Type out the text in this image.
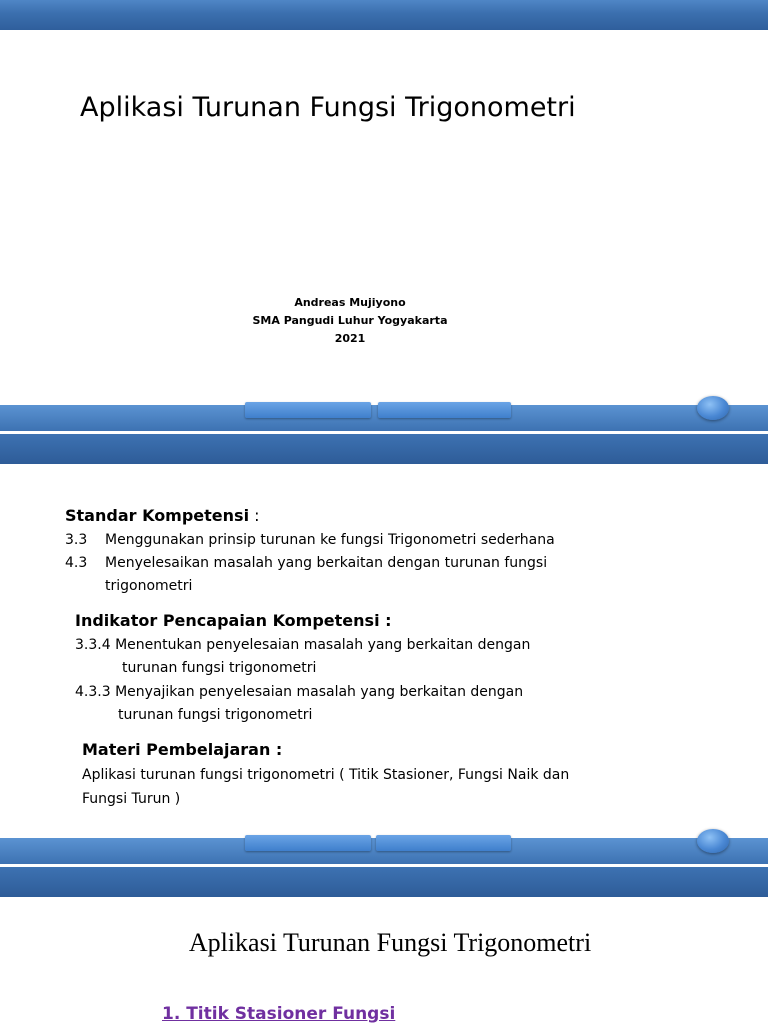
Aplikasi Turunan Fungsi Trigonometri
Andreas Mujiyono
SMA Pangudi Luhur Yogyakarta
2021
Standar Kompetensi :
3.3 Menggunakan prinsip turunan ke fungsi Trigonometri sederhana
4.3 Menyelesaikan masalah yang berkaitan dengan turunan fungsi
trigonometri
Indikator Pencapaian Kompetensi :
3.3.4 Menentukan penyelesaian masalah yang berkaitan dengan
turunan fungsi trigonometri
4.3.3 Menyajikan penyelesaian masalah yang berkaitan dengan
turunan fungsi trigonometri
Materi Pembelajaran :
Aplikasi turunan fungsi trigonometri ( Titik Stasioner, Fungsi Naik dan
Fungsi Turun )
Aplikasi Turunan Fungsi Trigonometri
1. Titik Stasioner Fungsi
